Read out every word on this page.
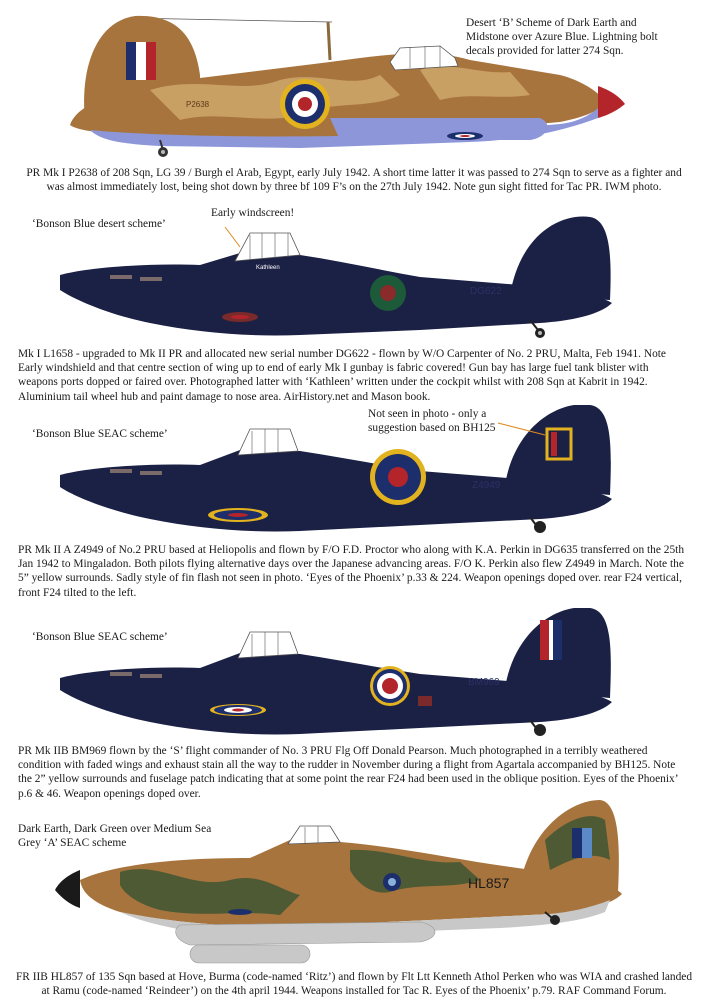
Desert ‘B’ Scheme of Dark Earth and Midstone over Azure Blue. Lightning bolt decals provided for latter 274 Sqn.
P2638
PR Mk I P2638 of 208 Sqn, LG 39 / Burgh el Arab, Egypt, early July 1942. A short time latter it was passed to 274 Sqn to serve as a fighter and was almost immediately lost, being shot down by three bf 109 F’s on the 27th July 1942. Note gun sight fitted for Tac PR. IWM photo.
‘Bonson Blue desert scheme’
Early windscreen!
Kathleen
DG622
Mk I L1658 - upgraded to Mk II PR and allocated new serial number DG622 - flown by W/O Carpenter of No. 2 PRU, Malta, Feb 1941. Note Early windshield and that centre section of wing up to end of early Mk I gunbay is fabric covered! Gun bay has large fuel tank blister with weapons ports dopped or faired over. Photographed latter with ‘Kathleen’ written under the cockpit whilst with 208 Sqn at Kabrit in 1942. Aluminium tail wheel hub and paint damage to nose area. AirHistory.net and Mason book.
‘Bonson Blue SEAC scheme’
Not seen in photo - only a suggestion based on BH125
Z4949
PR Mk II A Z4949 of No.2 PRU based at Heliopolis and flown by F/O F.D. Proctor who along with K.A. Perkin in DG635 transferred on the 25th Jan 1942 to Mingaladon. Both pilots flying alternative days over the Japanese advancing areas. F/O K. Perkin also flew Z4949 in March. Note the 5” yellow surrounds. Sadly style of fin flash not seen in photo. ‘Eyes of the Phoenix’ p.33 & 224. Weapon openings doped over. rear F24 vertical, front F24 tilted to the left.
‘Bonson Blue SEAC scheme’
BM969
PR Mk IIB BM969 flown by the ‘S’ flight commander of No. 3 PRU Flg Off Donald Pearson. Much photographed in a terribly weathered condition with faded wings and exhaust stain all the way to the rudder in November during a flight from Agartala accompanied by BH125. Note the 2” yellow surrounds and fuselage patch indicating that at some point the rear F24 had been used in the oblique position. Eyes of the Phoenix’ p.6 & 46. Weapon openings doped over.
Dark Earth, Dark Green over Medium Sea Grey ‘A’ SEAC scheme
HL857
FR IIB HL857 of 135 Sqn based at Hove, Burma (code-named ‘Ritz’) and flown by Flt Ltt Kenneth Athol Perken who was WIA and crashed landed at Ramu (code-named ‘Reindeer’) on the 4th april 1944. Weapons installed for Tac R. Eyes of the Phoenix’ p.79. RAF Command Forum.
